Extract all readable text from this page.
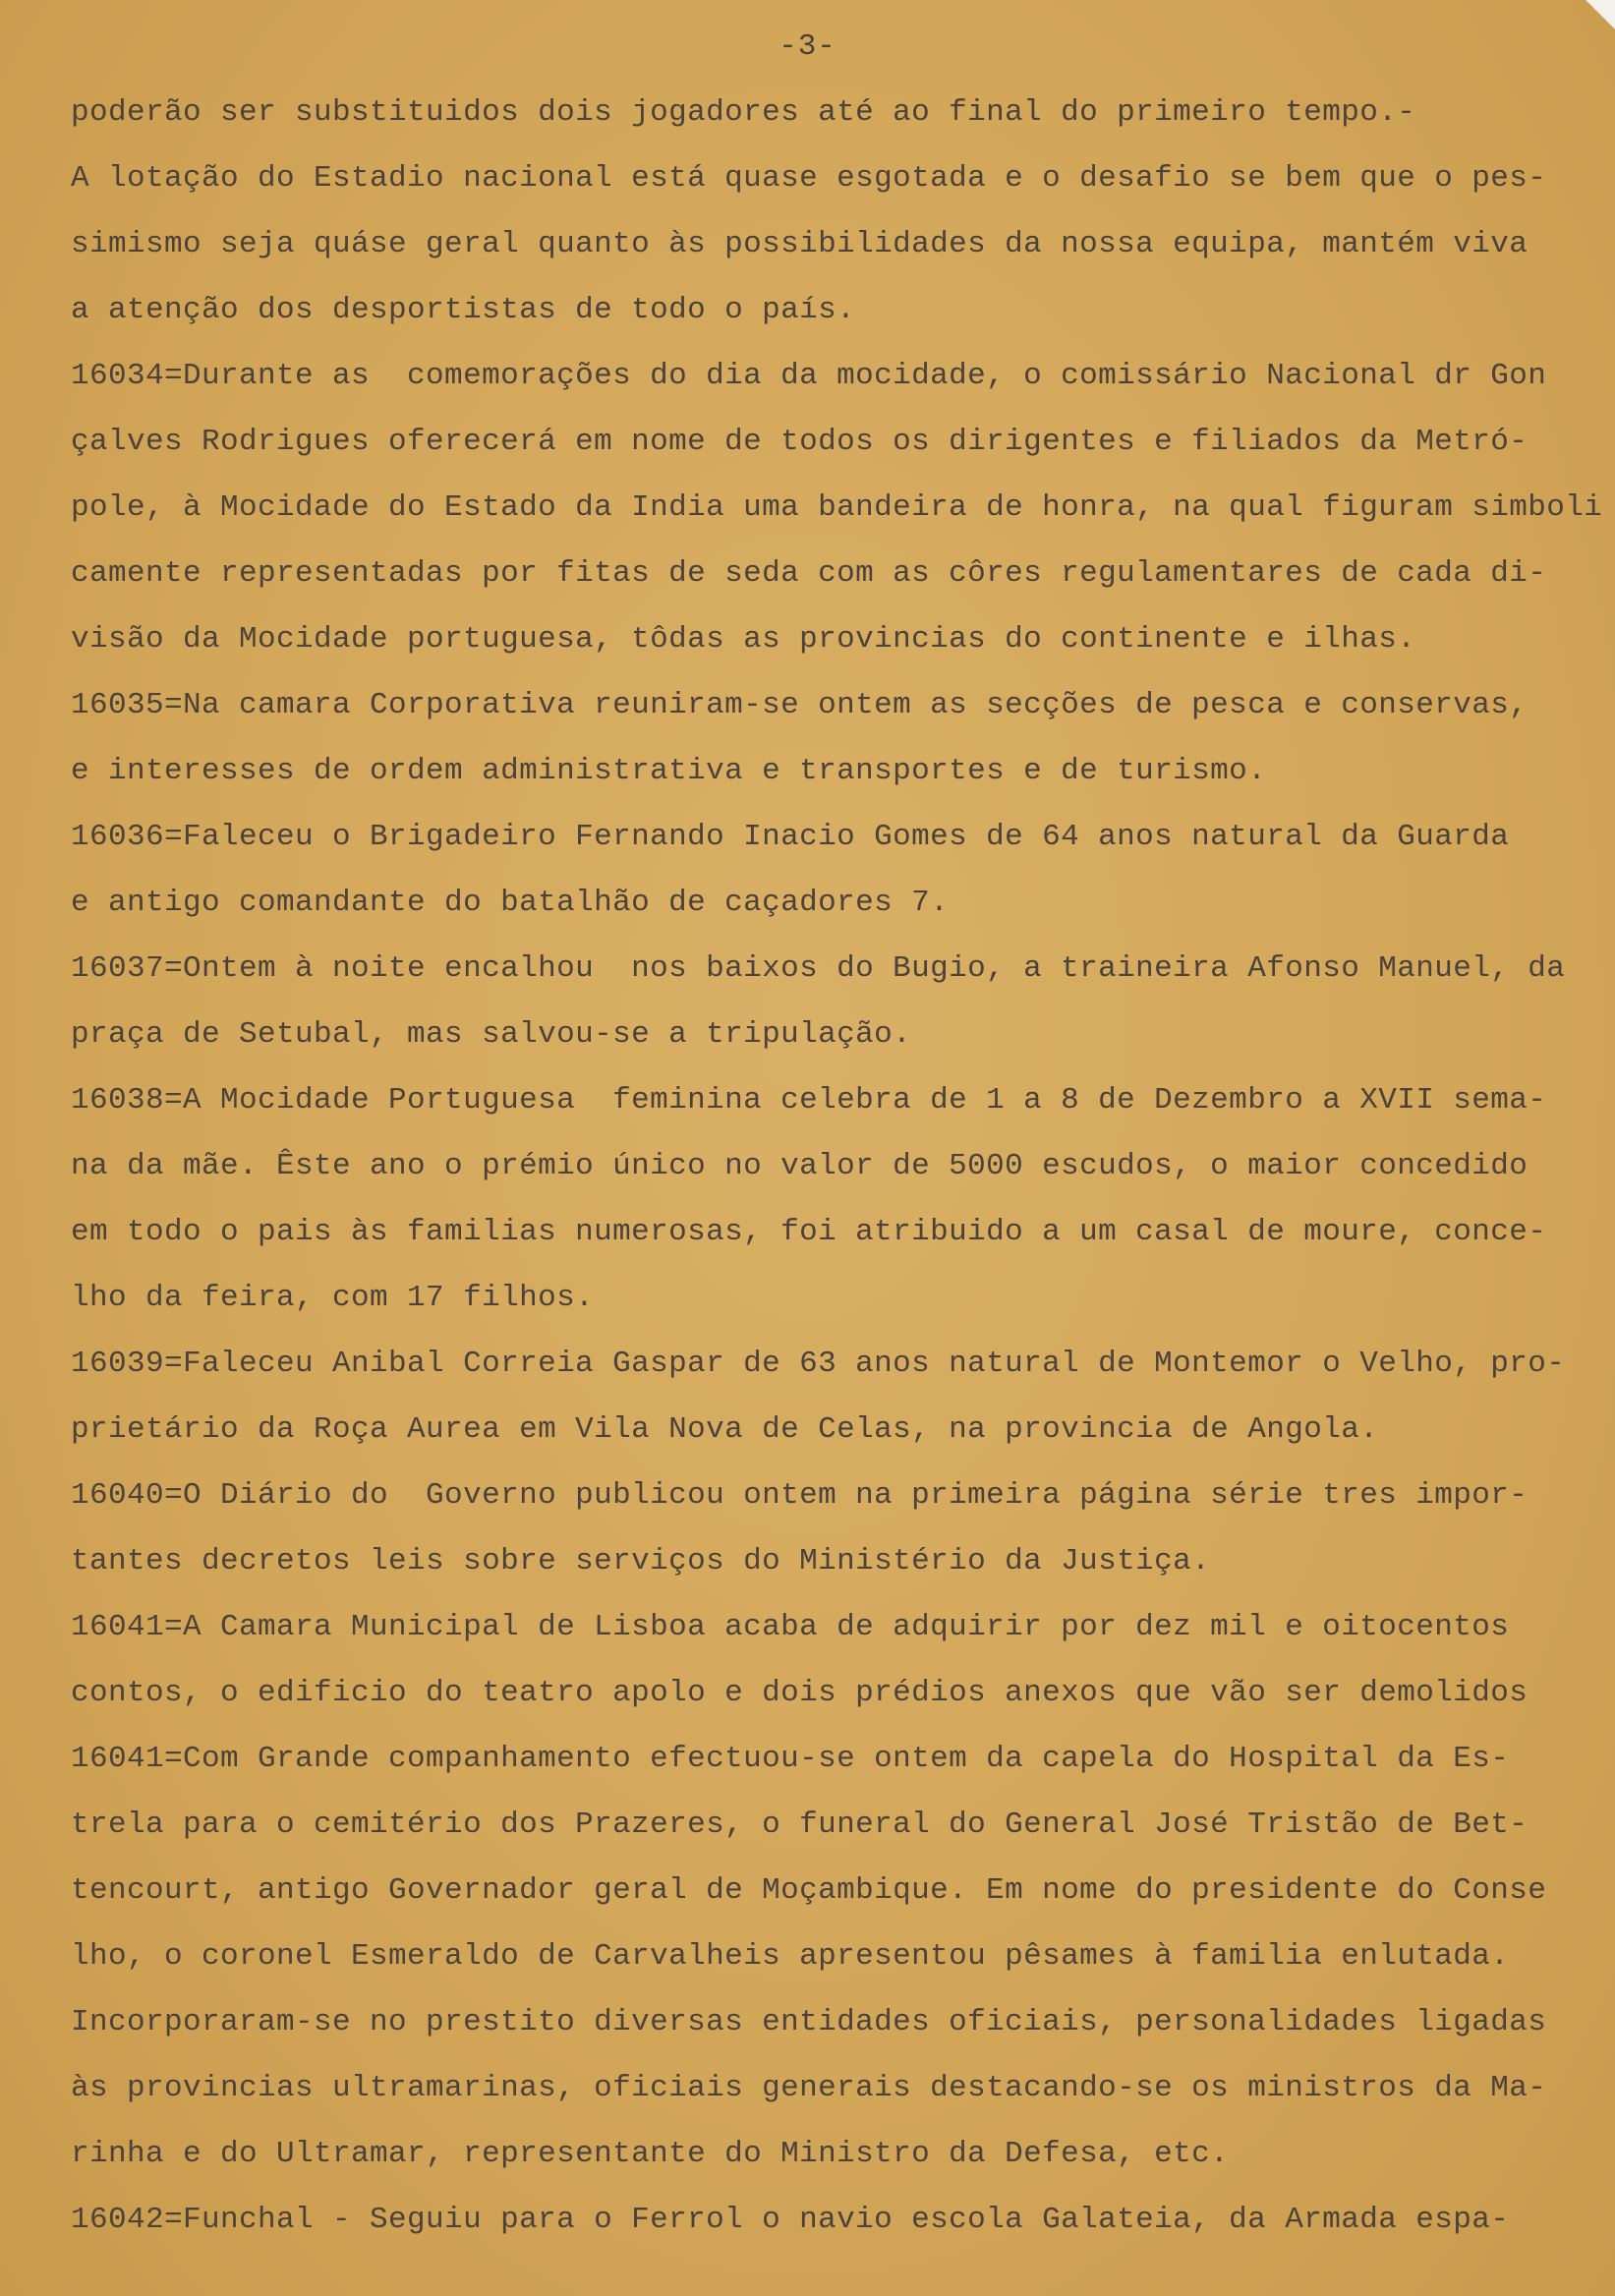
-3-
poderão ser substituidos dois jogadores até ao final do primeiro tempo.-
A lotação do Estadio nacional está quase esgotada e o desafio se bem que o pes-
simismo seja quáse geral quanto às possibilidades da nossa equipa, mantém viva
a atenção dos desportistas de todo o país.
16034=Durante as  comemorações do dia da mocidade, o comissário Nacional dr Gon
çalves Rodrigues oferecerá em nome de todos os dirigentes e filiados da Metró-
pole, à Mocidade do Estado da India uma bandeira de honra, na qual figuram simboli
camente representadas por fitas de seda com as côres regulamentares de cada di-
visão da Mocidade portuguesa, tôdas as provincias do continente e ilhas.
16035=Na camara Corporativa reuniram-se ontem as secções de pesca e conservas,
e interesses de ordem administrativa e transportes e de turismo.
16036=Faleceu o Brigadeiro Fernando Inacio Gomes de 64 anos natural da Guarda
e antigo comandante do batalhão de caçadores 7.
16037=Ontem à noite encalhou  nos baixos do Bugio, a traineira Afonso Manuel, da
praça de Setubal, mas salvou-se a tripulação.
16038=A Mocidade Portuguesa  feminina celebra de 1 a 8 de Dezembro a XVII sema-
na da mãe. Êste ano o prémio único no valor de 5000 escudos, o maior concedido
em todo o pais às familias numerosas, foi atribuido a um casal de moure, conce-
lho da feira, com 17 filhos.
16039=Faleceu Anibal Correia Gaspar de 63 anos natural de Montemor o Velho, pro-
prietário da Roça Aurea em Vila Nova de Celas, na provincia de Angola.
16040=O Diário do  Governo publicou ontem na primeira página série tres impor-
tantes decretos leis sobre serviços do Ministério da Justiça.
16041=A Camara Municipal de Lisboa acaba de adquirir por dez mil e oitocentos
contos, o edificio do teatro apolo e dois prédios anexos que vão ser demolidos
16041=Com Grande companhamento efectuou-se ontem da capela do Hospital da Es-
trela para o cemitério dos Prazeres, o funeral do General José Tristão de Bet-
tencourt, antigo Governador geral de Moçambique. Em nome do presidente do Conse
lho, o coronel Esmeraldo de Carvalheis apresentou pêsames à familia enlutada.
Incorporaram-se no prestito diversas entidades oficiais, personalidades ligadas
às provincias ultramarinas, oficiais generais destacando-se os ministros da Ma-
rinha e do Ultramar, representante do Ministro da Defesa, etc.
16042=Funchal - Seguiu para o Ferrol o navio escola Galateia, da Armada espa-
